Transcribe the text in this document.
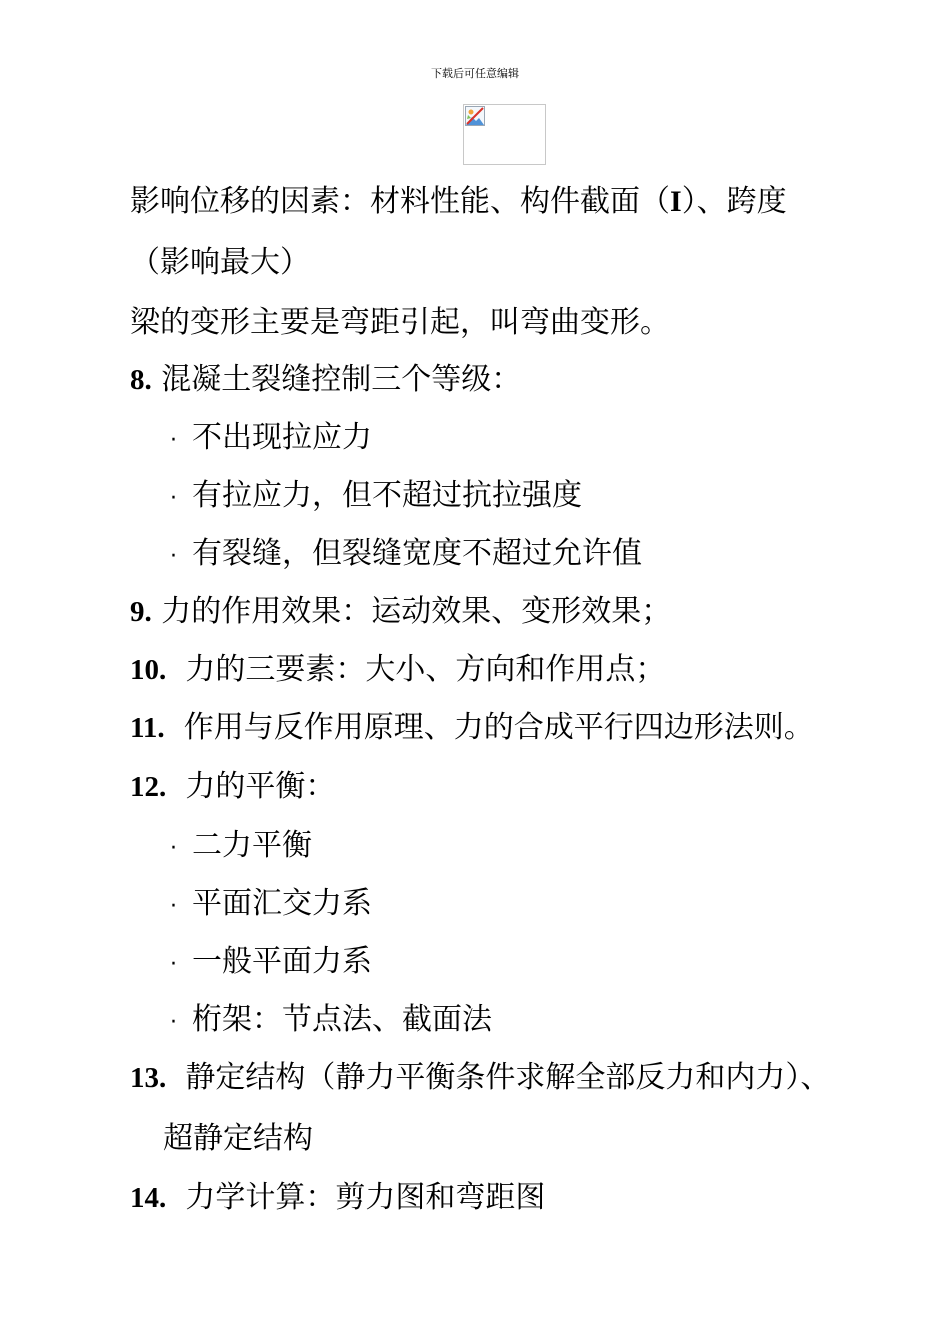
下载后可任意编辑
影响位移的因素：材料性能、构件截面（I）、跨度
（影响最大）
梁的变形主要是弯距引起，叫弯曲变形。
8. 混凝土裂缝控制三个等级：
· 不出现拉应力
· 有拉应力，但不超过抗拉强度
· 有裂缝，但裂缝宽度不超过允许值
9. 力的作用效果：运动效果、变形效果；
10. 力的三要素：大小、方向和作用点；
11. 作用与反作用原理、力的合成平行四边形法则。
12. 力的平衡：
· 二力平衡
· 平面汇交力系
· 一般平面力系
· 桁架：节点法、截面法
13. 静定结构（静力平衡条件求解全部反力和内力）、
超静定结构
14. 力学计算：剪力图和弯距图
